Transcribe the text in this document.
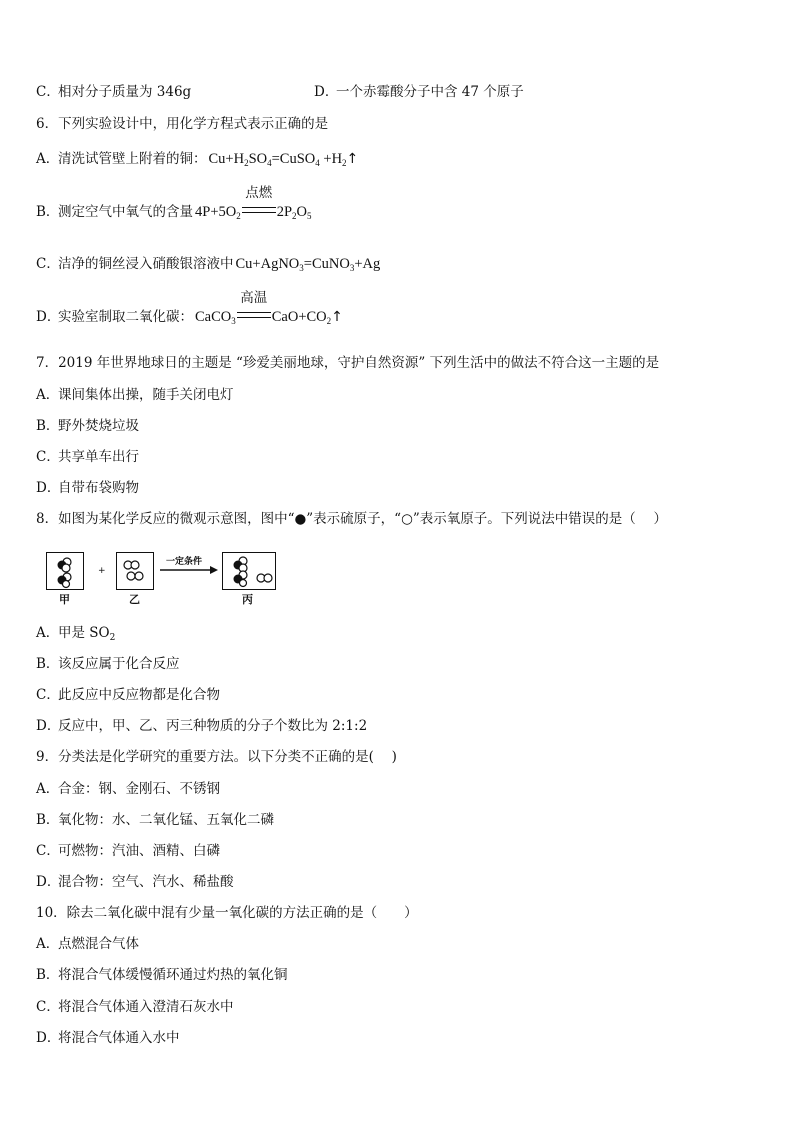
C．相对分子质量为 346g	D．一个赤霉酸分子中含 47 个原子
6．下列实验设计中，用化学方程式表示正确的是
A．清洗试管壁上附着的铜： $Cu+H_2SO_4=CuSO_4$ $+H_2↑$
B．测定空气中氧气的含量 $4P+5O_2$
点燃
$2P_2O_5$
C．洁净的铜丝浸入硝酸银溶液中 Cu+AgNO$_3$=CuNO$_3$+Ag
D．实验室制取二氧化碳： CaCO$_3$
高温
$CaO+CO_2↑$
7．2019 年世界地球日的主题是 “珍爱美丽地球，守护自然资源” 下列生活中的做法不符合这一主题的是
A．课间集体出操，随手关闭电灯
B．野外焚烧垃圾
C．共享单车出行
D．自带布袋购物
8．如图为某化学反应的微观示意图，图中“●”表示硫原子，“○”表示氧原子。下列说法中错误的是（　 ）
+
一定条件
甲	乙	丙
A．甲是 $SO_2$
B．该反应属于化合反应
C．此反应中反应物都是化合物
D．反应中，甲、乙、丙三种物质的分子个数比为 2:1:2
9．分类法是化学研究的重要方法。以下分类不正确的是(　 )
A．合金：钢、金刚石、不锈钢
B．氧化物：水、二氧化锰、五氧化二磷
C．可燃物：汽油、酒精、白磷
D．混合物：空气、汽水、稀盐酸
10．除去二氧化碳中混有少量一氧化碳的方法正确的是（　　）
A．点燃混合气体
B．将混合气体缓慢循环通过灼热的氧化铜
C．将混合气体通入澄清石灰水中
D．将混合气体通入水中
